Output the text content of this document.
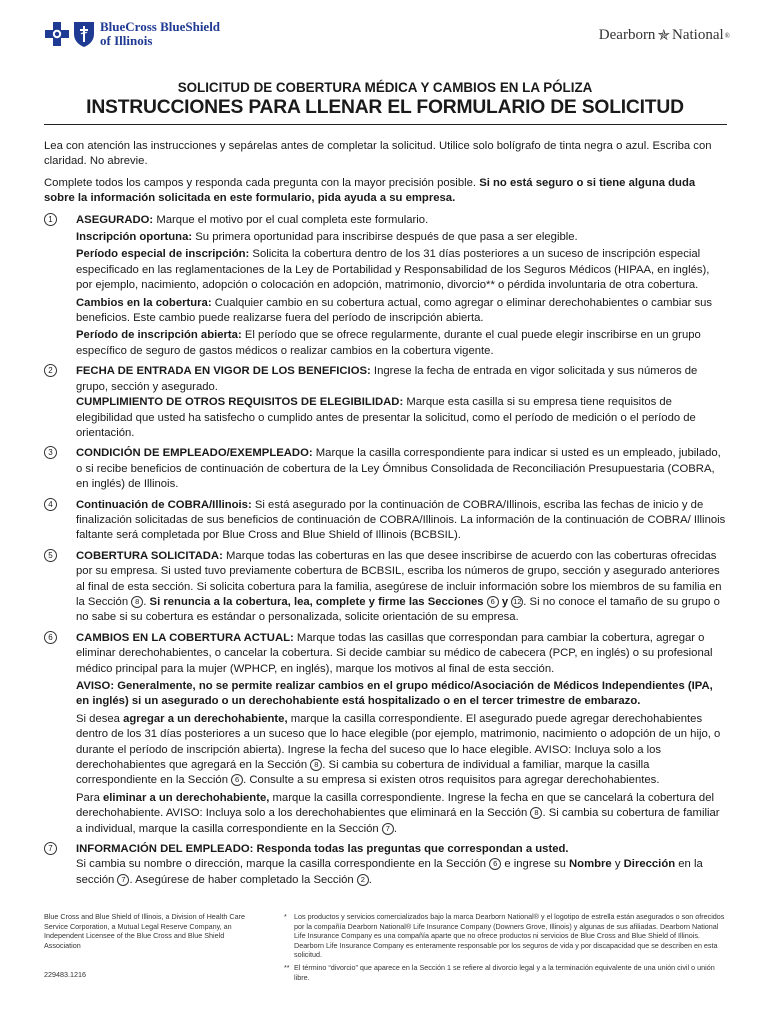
BlueCross BlueShield
of Illinois	Dearborn ✯ National ®
SOLICITUD DE COBERTURA MÉDICA Y CAMBIOS EN LA PÓLIZA
INSTRUCCIONES PARA LLENAR EL FORMULARIO DE SOLICITUD

Lea con atención las instrucciones y sepárelas antes de completar la solicitud. Utilice solo bolígrafo de tinta negra o azul. Escriba con claridad. No abrevie.

Complete todos los campos y responda cada pregunta con la mayor precisión posible. Si no está seguro o si tiene alguna duda sobre la información solicitada en este formulario, pida ayuda a su empresa.

1	ASEGURADO: Marque el motivo por el cual completa este formulario.

Inscripción oportuna: Su primera oportunidad para inscribirse después de que pasa a ser elegible.

Período especial de inscripción: Solicita la cobertura dentro de los 31 días posteriores a un suceso de inscripción especial especificado en las reglamentaciones de la Ley de Portabilidad y Responsabilidad de los Seguros Médicos (HIPAA, en inglés), por ejemplo, nacimiento, adopción o colocación en adopción, matrimonio, divorcio** o pérdida involuntaria de otra cobertura.

Cambios en la cobertura: Cualquier cambio en su cobertura actual, como agregar o eliminar derechohabientes o cambiar sus beneficios. Este cambio puede realizarse fuera del período de inscripción abierta.

Período de inscripción abierta: El período que se ofrece regularmente, durante el cual puede elegir inscribirse en un grupo específico de seguro de gastos médicos o realizar cambios en la cobertura vigente.

2	FECHA DE ENTRADA EN VIGOR DE LOS BENEFICIOS: Ingrese la fecha de entrada en vigor solicitada y sus números de grupo, sección y asegurado.

CUMPLIMIENTO DE OTROS REQUISITOS DE ELEGIBILIDAD: Marque esta casilla si su empresa tiene requisitos de elegibilidad que usted ha satisfecho o cumplido antes de presentar la solicitud, como el período de medición o el período de orientación.

3	CONDICIÓN DE EMPLEADO/EXEMPLEADO: Marque la casilla correspondiente para indicar si usted es un empleado, jubilado, o si recibe beneficios de continuación de cobertura de la Ley Ómnibus Consolidada de Reconciliación Presupuestaria (COBRA, en inglés) de Illinois.

4	Continuación de COBRA/Illinois: Si está asegurado por la continuación de COBRA/Illinois, escriba las fechas de inicio y de finalización solicitadas de sus beneficios de continuación de COBRA/Illinois. La información de la continuación de COBRA/ Illinois faltante será completada por Blue Cross and Blue Shield of Illinois (BCBSIL).

5	COBERTURA SOLICITADA: Marque todas las coberturas en las que desee inscribirse de acuerdo con las coberturas ofrecidas por su empresa. Si usted tuvo previamente cobertura de BCBSIL, escriba los números de grupo, sección y asegurado anteriores al final de esta sección. Si solicita cobertura para la familia, asegúrese de incluir información sobre los miembros de su familia en la Sección 8 . Si renuncia a la cobertura, lea, complete y firme las Secciones 6 y 12 . Si no conoce el tamaño de su grupo o no sabe si su cobertura es estándar o personalizada, solicite orientación de su empresa.

6	CAMBIOS EN LA COBERTURA ACTUAL: Marque todas las casillas que correspondan para cambiar la cobertura, agregar o eliminar derechohabientes, o cancelar la cobertura. Si decide cambiar su médico de cabecera (PCP, en inglés) o su profesional médico principal para la mujer (WPHCP, en inglés), marque los motivos al final de esta sección.

AVISO: Generalmente, no se permite realizar cambios en el grupo médico/Asociación de Médicos Independientes (IPA, en inglés) si un asegurado o un derechohabiente está hospitalizado o en el tercer trimestre de embarazo.

Si desea agregar a un derechohabiente, marque la casilla correspondiente. El asegurado puede agregar derechohabientes dentro de los 31 días posteriores a un suceso que lo hace elegible (por ejemplo, matrimonio, nacimiento o adopción de un hijo, o durante el período de inscripción abierta). Ingrese la fecha del suceso que lo hace elegible. AVISO: Incluya solo a los derechohabientes que agregará en la Sección 8 . Si cambia su cobertura de individual a familiar, marque la casilla correspondiente en la Sección 6 . Consulte a su empresa si existen otros requisitos para agregar derechohabientes.

Para eliminar a un derechohabiente, marque la casilla correspondiente. Ingrese la fecha en que se cancelará la cobertura del derechohabiente. AVISO: Incluya solo a los derechohabientes que eliminará en la Sección 8 . Si cambia su cobertura de familiar a individual, marque la casilla correspondiente en la Sección 7 .

7	INFORMACIÓN DEL EMPLEADO: Responda todas las preguntas que correspondan a usted.

Si cambia su nombre o dirección, marque la casilla correspondiente en la Sección 6 e ingrese su Nombre y Dirección en la sección 7 . Asegúrese de haber completado la Sección 2 .

Blue Cross and Blue Shield of Illinois, a Division of Health Care Service Corporation, a Mutual Legal Reserve Company, an Independent Licensee of the Blue Cross and Blue Shield Association
229483.1216

* Los productos y servicios comercializados bajo la marca Dearborn National® y el logotipo de estrella están asegurados o son ofrecidos por la compañía Dearborn National® Life Insurance Company (Downers Grove, Illinois) y algunas de sus afiliadas. Dearborn National Life Insurance Company es una compañía aparte que no ofrece productos ni servicios de Blue Cross and Blue Shield of Illinois. Dearborn Life Insurance Company es enteramente responsable por los seguros de vida y por discapacidad que se describen en esta solicitud.

** El término “divorcio” que aparece en la Sección 1 se refiere al divorcio legal y a la terminación equivalente de una unión civil o unión libre.
